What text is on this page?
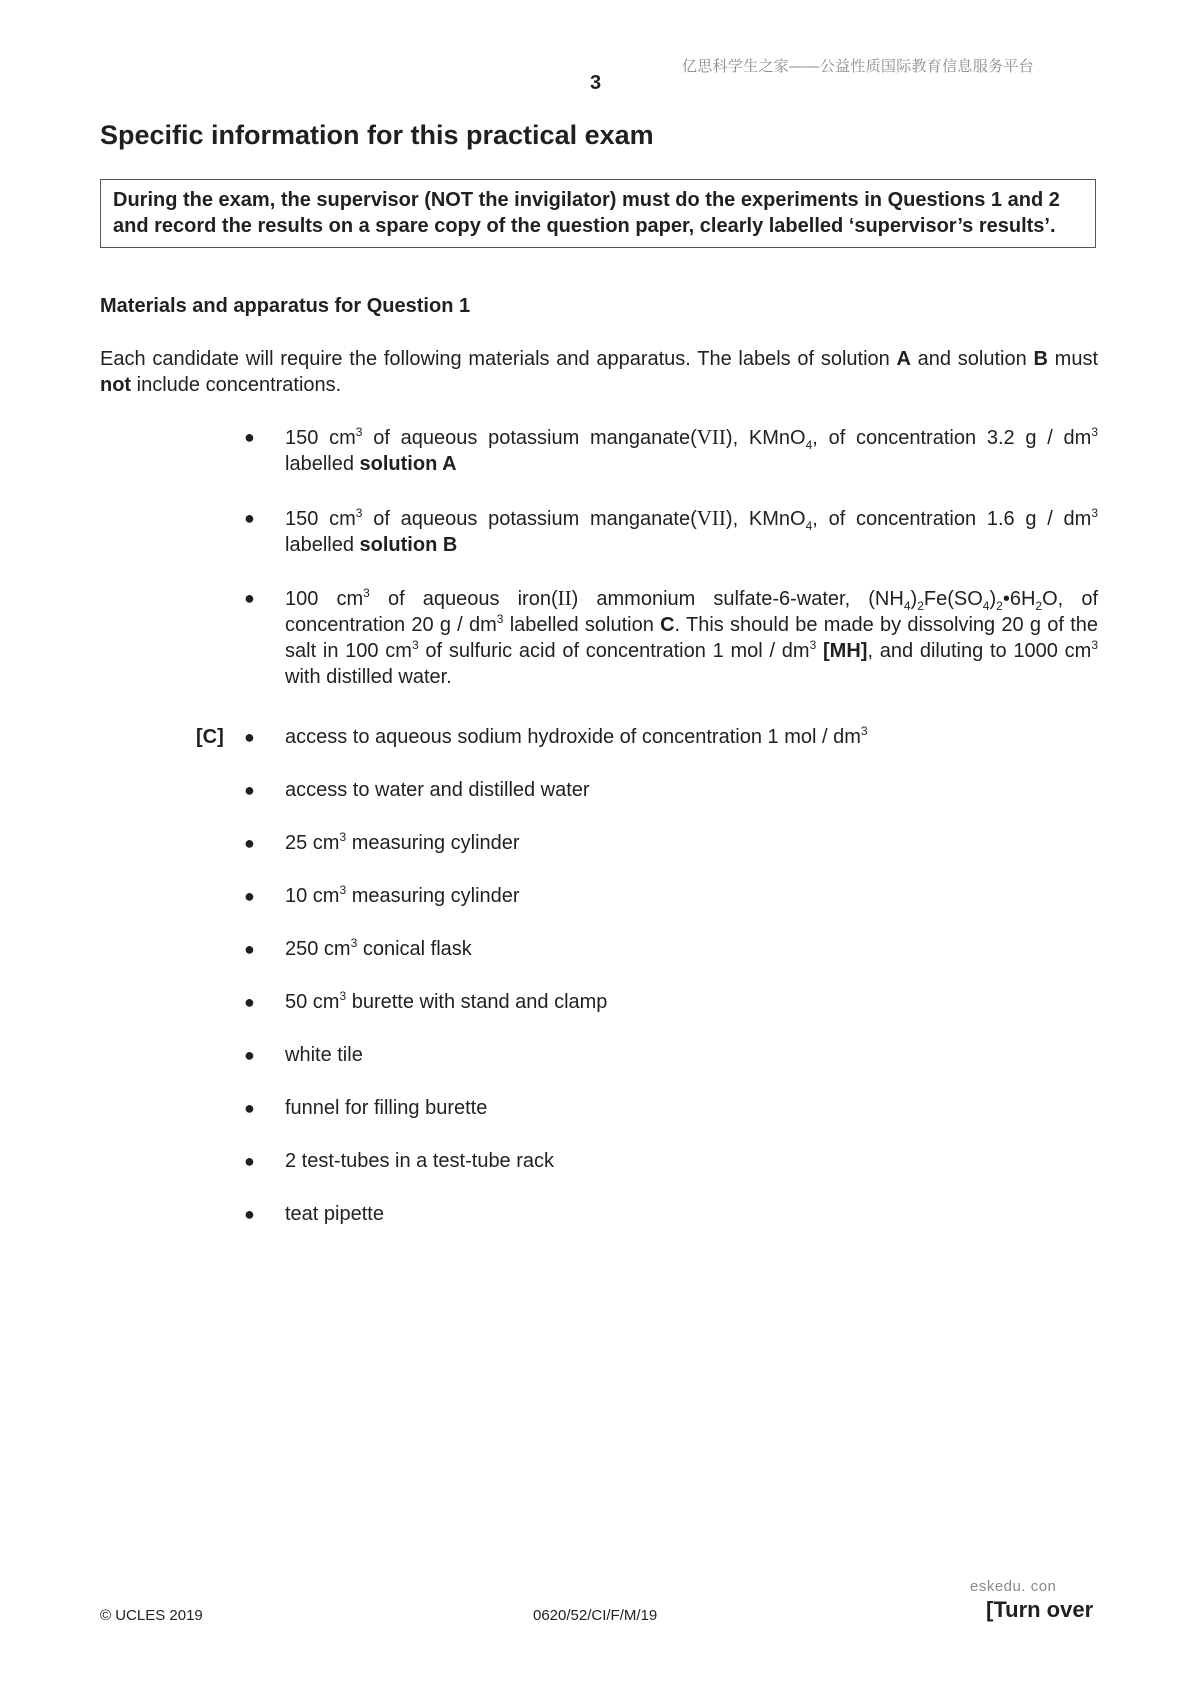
亿思科学生之家——公益性质国际教育信息服务平台
3
Specific information for this practical exam
During the exam, the supervisor (NOT the invigilator) must do the experiments in Questions 1 and 2 and record the results on a spare copy of the question paper, clearly labelled ‘supervisor’s results’.
Materials and apparatus for Question 1
Each candidate will require the following materials and apparatus. The labels of solution A and solution B must not include concentrations.
● 150 $cm^3$ of aqueous potassium manganate(VII), KMnO$_4$, of concentration 3.2 g / $dm^3$ labelled solution A
● 150 $cm^3$ of aqueous potassium manganate(VII), KMnO$_4$, of concentration 1.6 g / $dm^3$ labelled solution B
● 100 $cm^3$ of aqueous iron(II) ammonium sulfate-6-water, $(NH_4)_2Fe(SO_4)_2•6H_2O$, of concentration 20 g / $dm^3$ labelled solution C. This should be made by dissolving 20 g of the salt in 100 $cm^3$ of sulfuric acid of concentration 1 mol / $dm^3$ [MH], and diluting to 1000 $cm^3$ with distilled water.
[C] ● access to aqueous sodium hydroxide of concentration 1 mol / $dm^3$
● access to water and distilled water
● 25 $cm^3$ measuring cylinder
● 10 $cm^3$ measuring cylinder
● 250 $cm^3$ conical flask
● 50 $cm^3$ burette with stand and clamp
● white tile
● funnel for filling burette
● 2 test-tubes in a test-tube rack
● teat pipette
eskedu. con
© UCLES 2019	0620/52/CI/F/M/19	[Turn over
